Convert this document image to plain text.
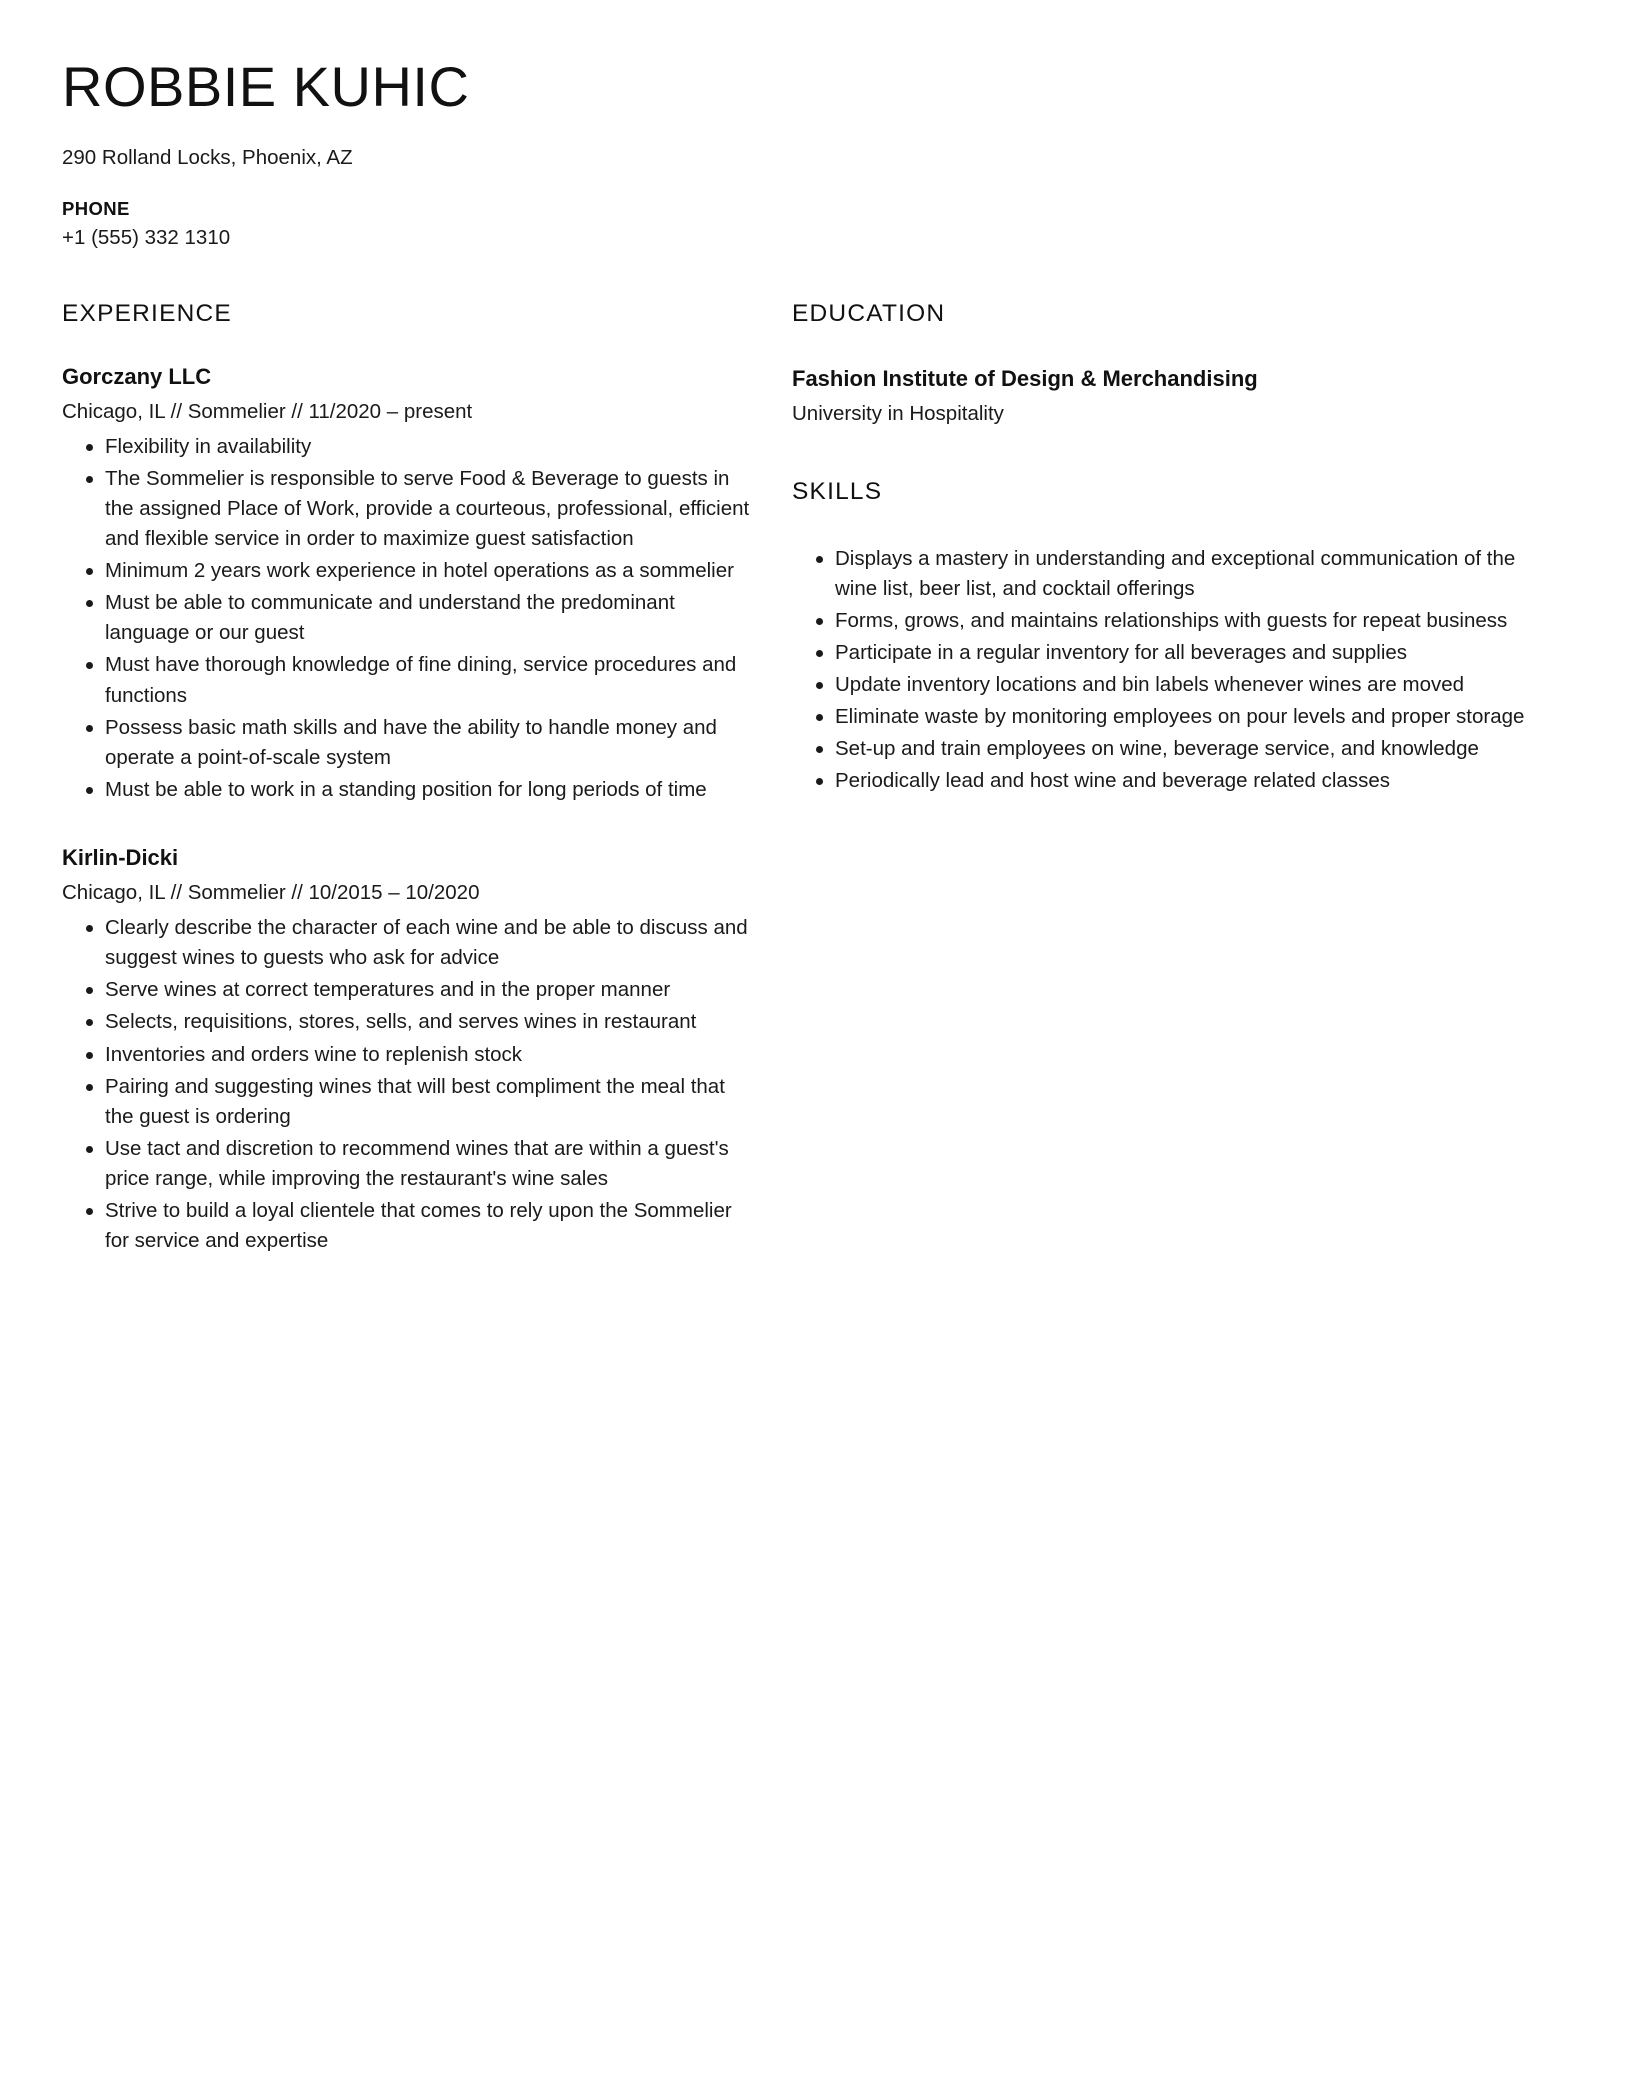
ROBBIE KUHIC

290 Rolland Locks, Phoenix, AZ

PHONE

+1 (555) 332 1310

EXPERIENCE
Gorczany LLC

Chicago, IL // Sommelier // 11/2020 – present

Flexibility in availability
The Sommelier is responsible to serve Food & Beverage to guests in the assigned Place of Work, provide a courteous, professional, efficient and flexible service in order to maximize guest satisfaction
Minimum 2 years work experience in hotel operations as a sommelier
Must be able to communicate and understand the predominant language or our guest
Must have thorough knowledge of fine dining, service procedures and functions
Possess basic math skills and have the ability to handle money and operate a point-of-scale system
Must be able to work in a standing position for long periods of time
Kirlin-Dicki

Chicago, IL // Sommelier // 10/2015 – 10/2020

Clearly describe the character of each wine and be able to discuss and suggest wines to guests who ask for advice
Serve wines at correct temperatures and in the proper manner
Selects, requisitions, stores, sells, and serves wines in restaurant
Inventories and orders wine to replenish stock
Pairing and suggesting wines that will best compliment the meal that the guest is ordering
Use tact and discretion to recommend wines that are within a guest's price range, while improving the restaurant's wine sales
Strive to build a loyal clientele that comes to rely upon the Sommelier for service and expertise
EDUCATION
Fashion Institute of Design & Merchandising

University in Hospitality

SKILLS
Displays a mastery in understanding and exceptional communication of the wine list, beer list, and cocktail offerings
Forms, grows, and maintains relationships with guests for repeat business
Participate in a regular inventory for all beverages and supplies
Update inventory locations and bin labels whenever wines are moved
Eliminate waste by monitoring employees on pour levels and proper storage
Set-up and train employees on wine, beverage service, and knowledge
Periodically lead and host wine and beverage related classes
